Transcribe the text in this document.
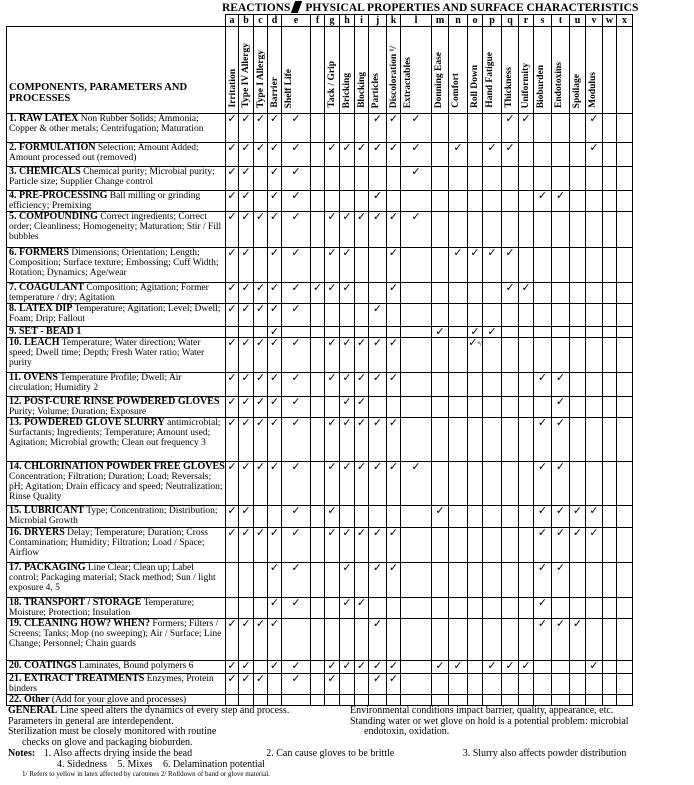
REACTIONS PHYSICAL PROPERTIES AND SURFACE CHARACTERISTICS
	a	b	c	d	e	f	g	h	i	j	k	l	m	n	o	p	q	r	s	t	u	v	w	x

COMPONENTS, PARAMETERS AND PROCESSES	Irritation	Type IV Allergy	Type I Allergy	Barrier	Shelf Life		Tack / Grip	Bricking	Blocking	Particles	Discoloration ¹/	Extractables	Donning Ease	Comfort	Roll Down	Hand Fatigue	Thickness	Uniformity	Bioburden	Endotoxins	Spoilage	Modulus		
1. RAW LATEX Non Rubber Solids; Ammonia; Copper & other metals; Centrifugation; Maturation	✓	✓	✓	✓	✓					✓	✓	✓					✓	✓				✓		
2. FORMULATION Selection; Amount Added; Amount processed out (removed)	✓	✓	✓	✓	✓		✓	✓	✓	✓	✓	✓		✓		✓	✓					✓		
3. CHEMICALS Chemical purity; Microbial purity; Particle size; Supplier Change control	✓	✓		✓	✓							✓												
4. PRE-PROCESSING Ball milling or grinding efficiency; Premixing	✓	✓		✓	✓					✓									✓	✓				
5. COMPOUNDING Correct ingredients; Correct order; Cleanliness; Homogeneity; Maturation; Stir / Fill bubbles	✓	✓	✓	✓	✓		✓	✓	✓	✓	✓	✓												
6. FORMERS Dimensions; Orientation; Length; Composition; Surface texture; Embossing; Cuff Width; Rotation; Dynamics; Age/wear	✓	✓		✓	✓		✓	✓			✓			✓	✓	✓	✓							
7. COAGULANT Composition; Agitation; Former temperature / dry; Agitation	✓	✓	✓	✓	✓	✓	✓	✓			✓						✓	✓						
8. LATEX DIP Temperature; Agitation; Level; Dwell; Foam; Drip; Fallout	✓	✓	✓	✓	✓					✓														
9. SET - BEAD 1				✓									✓		✓	✓								
10. LEACH Temperature; Water direction; Water speed; Dwell time; Depth; Fresh Water ratio; Water purity	✓	✓	✓	✓	✓		✓	✓	✓	✓	✓				✓⁴/									
11. OVENS Temperature Profile; Dwell; Air circulation; Humidity 2	✓	✓	✓	✓	✓		✓	✓	✓	✓	✓								✓	✓				
12. POST-CURE RINSE POWDERED GLOVES Purity; Volume; Duration; Exposure	✓	✓	✓	✓	✓			✓	✓											✓				
13. POWDERED GLOVE SLURRY antimicrobial; Surfactants; Ingredients; Temperature; Amount used; Agitation; Microbial growth; Clean out frequency 3	✓	✓	✓	✓	✓		✓	✓	✓	✓	✓								✓	✓				
14. CHLORINATION POWDER FREE GLOVES Concentration; Filtration; Duration; Load; Reversals; pH; Agitation; Drain efficacy and speed; Neutralization; Rinse Quality	✓	✓	✓	✓	✓		✓	✓	✓	✓	✓	✓							✓	✓				
15. LUBRICANT Type; Concentration; Distribution; Microbial Growth	✓	✓			✓		✓						✓						✓	✓	✓	✓		
16. DRYERS Delay; Temperature; Duration; Cross Contamination; Humidity; Filtration; Load / Space; Airflow	✓	✓	✓	✓	✓		✓	✓	✓	✓	✓								✓	✓	✓	✓		
17. PACKAGING Line Clear; Clean up; Label control; Packaging material; Stack method; Sun / light exposure 4, 5				✓	✓			✓		✓	✓								✓	✓				
18. TRANSPORT / STORAGE Temperature; Moisture; Protection; Insulation				✓	✓			✓	✓										✓					
19. CLEANING HOW? WHEN? Formers; Filters / Screens; Tanks; Mop (no sweeping); Air / Surface; Line Change; Personnel; Chain guards	✓	✓	✓	✓						✓									✓	✓	✓			
20. COATINGS Laminates, Bound polymers 6	✓	✓		✓	✓		✓	✓	✓	✓	✓		✓	✓		✓	✓	✓				✓		
21. EXTRACT TREATMENTS Enzymes, Protein binders	✓	✓	✓		✓		✓			✓	✓													
22. Other (Add for your glove and processes)																								
GENERAL Line speed alters the dynamics of every step and process.
Parameters in general are interdependent.
Sterilization must be closely monitored with routine
checks on glove and packaging bioburden.
Environmental conditions impact barrier, quality, appearance, etc.
Standing water or wet glove on hold is a potential problem: microbial
endotoxin, oxidation.
Notes: 1. Also affects drying inside the bead	2. Can cause gloves to be brittle	3. Slurry also affects powder distribution
4. Sidedness 5. Mixes 6. Delamination potential
1/ Refers to yellow in latex affected by carotenes 2/ Rolldown of band or glove material.
